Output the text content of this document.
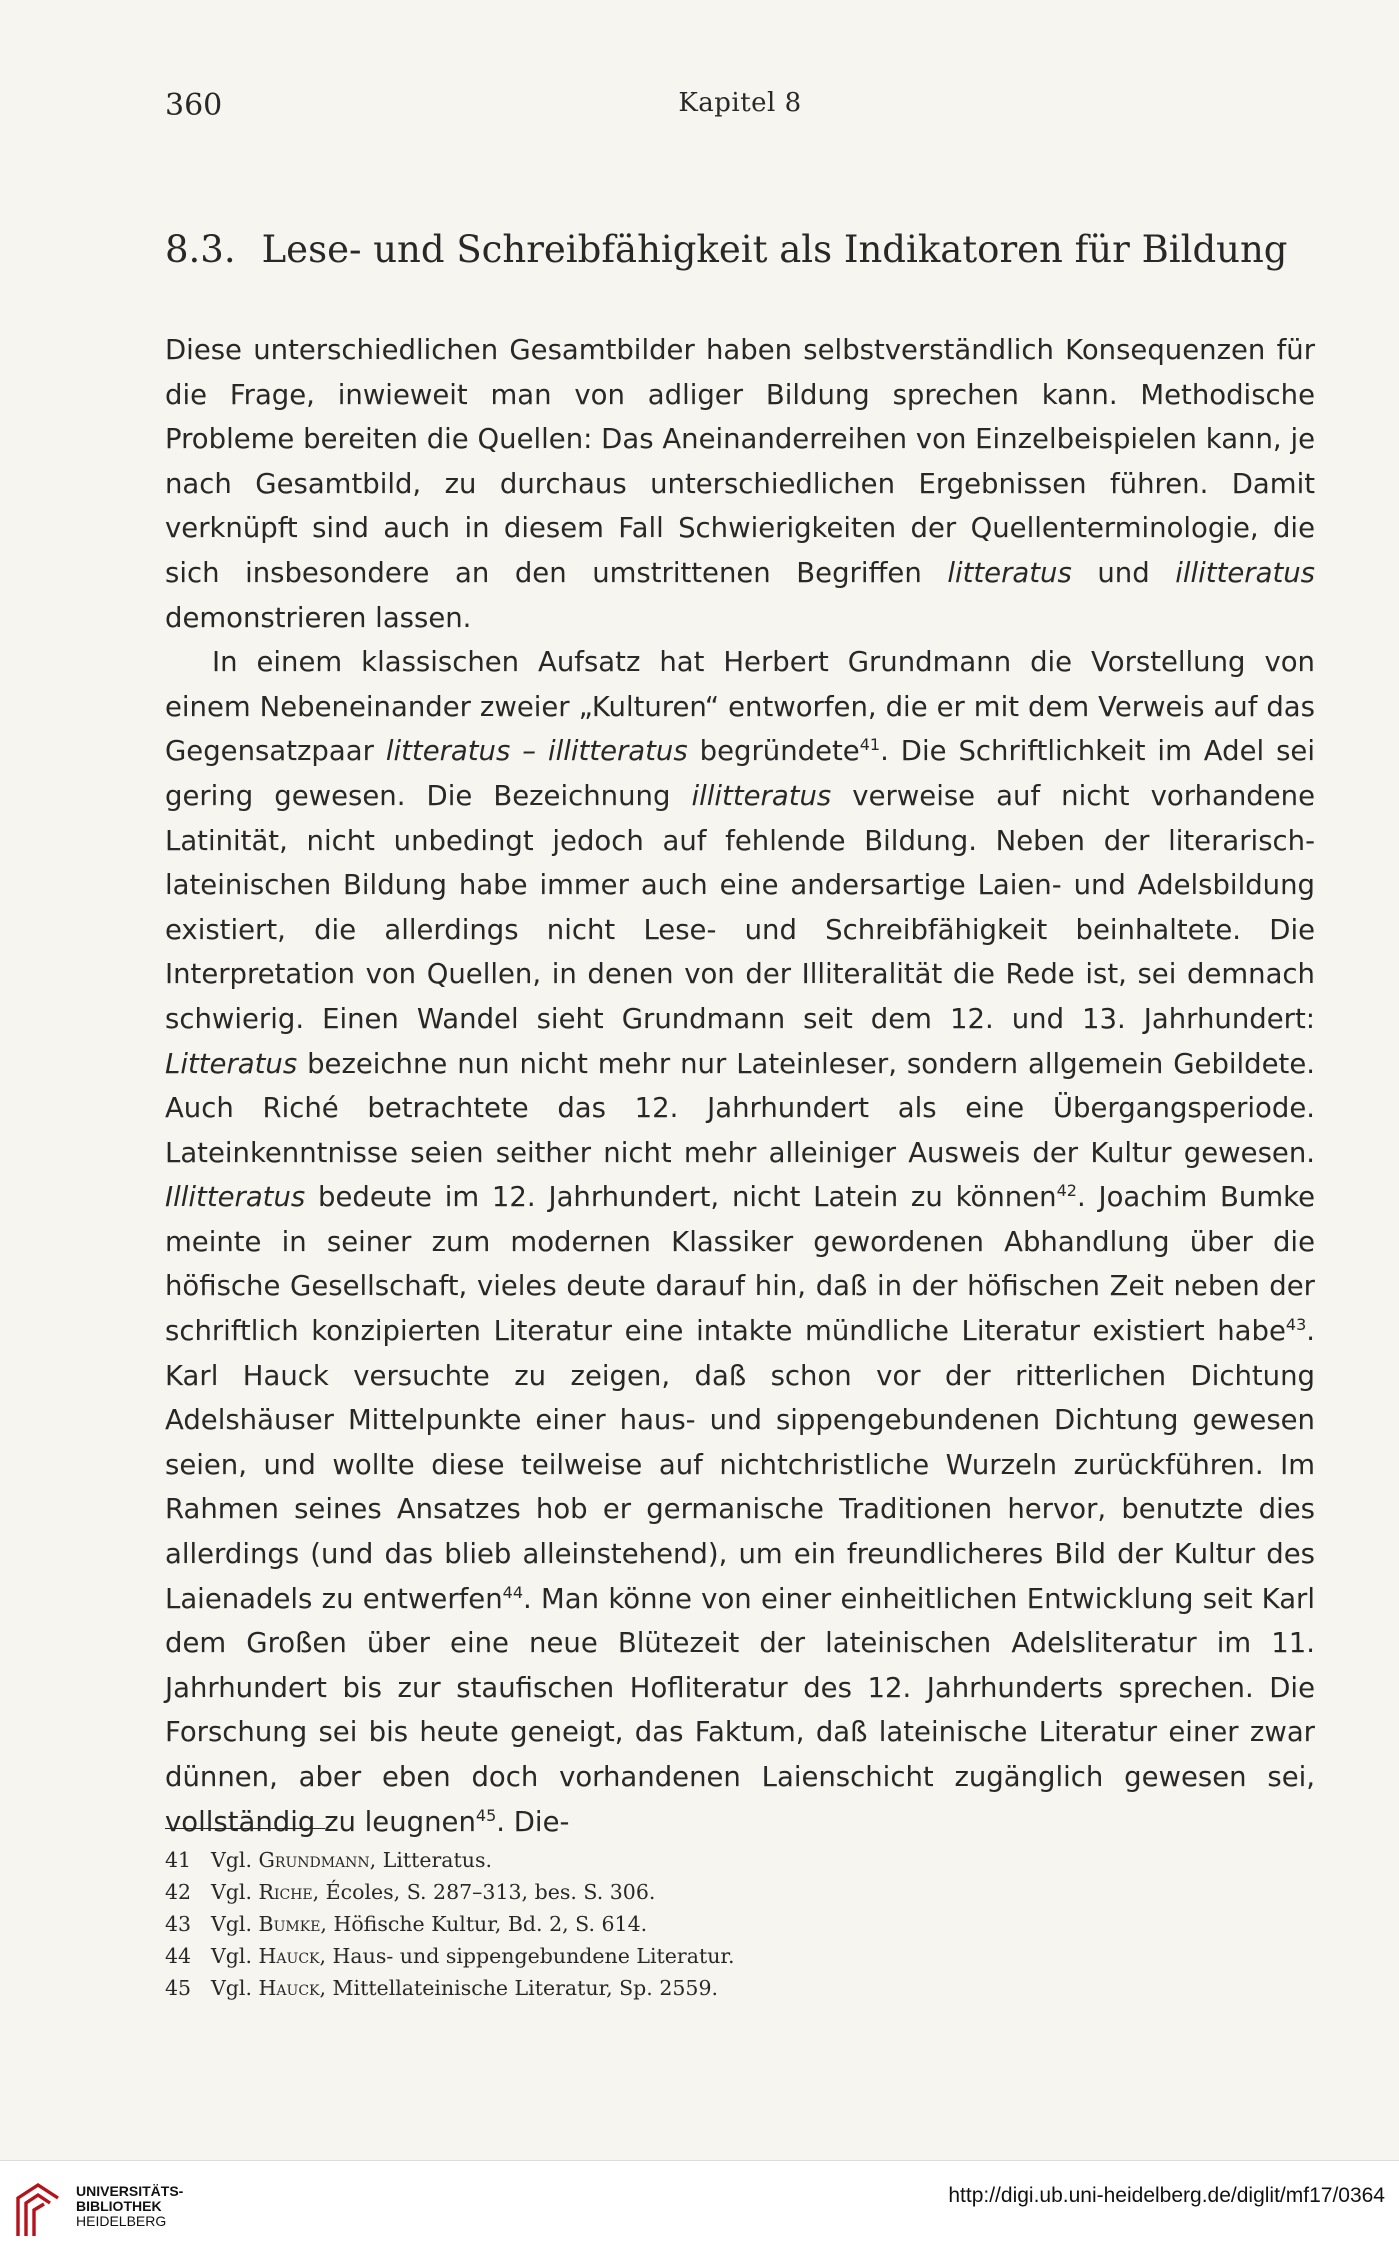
360	Kapitel 8
8.3. Lese- und Schreibfähigkeit als Indikatoren für Bildung

Diese unterschiedlichen Gesamtbilder haben selbstverständlich Konsequenzen für die Frage, inwieweit man von adliger Bildung sprechen kann. Methodische Probleme bereiten die Quellen: Das Aneinanderreihen von Einzelbeispielen kann, je nach Gesamtbild, zu durchaus unterschiedlichen Ergebnissen führen. Damit verknüpft sind auch in diesem Fall Schwierigkeiten der Quellenterminologie, die sich insbesondere an den umstrittenen Begriffen litteratus und illitteratus demonstrieren lassen.

In einem klassischen Aufsatz hat Herbert Grundmann die Vorstellung von einem Nebeneinander zweier „Kulturen“ entworfen, die er mit dem Verweis auf das Gegensatzpaar litteratus – illitteratus begründete$^{41}$. Die Schriftlichkeit im Adel sei gering gewesen. Die Bezeichnung illitteratus verweise auf nicht vorhandene Latinität, nicht unbedingt jedoch auf fehlende Bildung. Neben der literarisch-lateinischen Bildung habe immer auch eine andersartige Laien- und Adelsbildung existiert, die allerdings nicht Lese- und Schreibfähigkeit beinhaltete. Die Interpretation von Quellen, in denen von der Illiteralität die Rede ist, sei demnach schwierig. Einen Wandel sieht Grundmann seit dem 12. und 13. Jahrhundert: Litteratus bezeichne nun nicht mehr nur Lateinleser, sondern allgemein Gebildete. Auch Riché betrachtete das 12. Jahrhundert als eine Übergangsperiode. Lateinkenntnisse seien seither nicht mehr alleiniger Ausweis der Kultur gewesen. Illitteratus bedeute im 12. Jahrhundert, nicht Latein zu können$^{42}$. Joachim Bumke meinte in seiner zum modernen Klassiker gewordenen Abhandlung über die höfische Gesellschaft, vieles deute darauf hin, daß in der höfischen Zeit neben der schriftlich konzipierten Literatur eine intakte mündliche Literatur existiert habe$^{43}$. Karl Hauck versuchte zu zeigen, daß schon vor der ritterlichen Dichtung Adelshäuser Mittelpunkte einer haus- und sippengebundenen Dichtung gewesen seien, und wollte diese teilweise auf nichtchristliche Wurzeln zurückführen. Im Rahmen seines Ansatzes hob er germanische Traditionen hervor, benutzte dies allerdings (und das blieb alleinstehend), um ein freundlicheres Bild der Kultur des Laienadels zu entwerfen$^{44}$. Man könne von einer einheitlichen Entwicklung seit Karl dem Großen über eine neue Blütezeit der lateinischen Adelsliteratur im 11. Jahrhundert bis zur staufischen Hofliteratur des 12. Jahrhunderts sprechen. Die Forschung sei bis heute geneigt, das Faktum, daß lateinische Literatur einer zwar dünnen, aber eben doch vorhandenen Laienschicht zugänglich gewesen sei, vollständig zu leugnen$^{45}$. Die-

41 Vgl.
Grundmann , Litteratus.
42 Vgl.
Riche , Écoles, S. 287–313, bes. S. 306.
43 Vgl.
Bumke , Höfische Kultur, Bd. 2, S. 614.
44 Vgl.
Hauck , Haus- und sippengebundene Literatur.
45 Vgl.
Hauck , Mittellateinische Literatur, Sp. 2559.
UNIVERSITÄTS-
BIBLIOTHEK
HEIDELBERG
http://digi.ub.uni-heidelberg.de/diglit/mf17/0364
